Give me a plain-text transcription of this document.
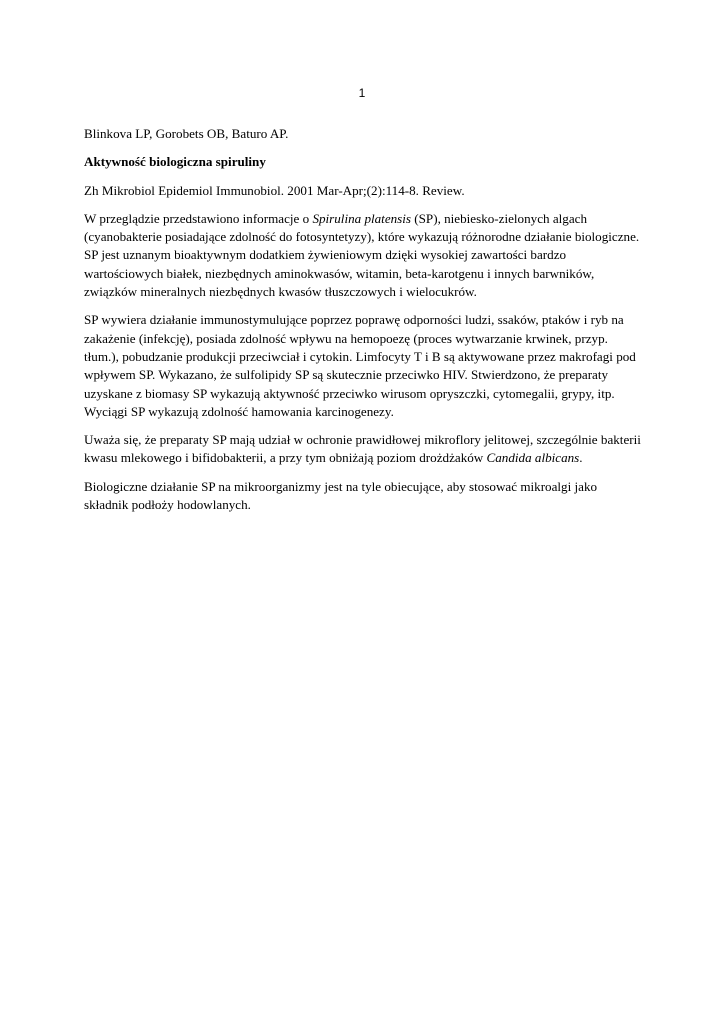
1

Blinkova LP, Gorobets OB, Baturo AP.

Aktywność biologiczna spiruliny

Zh Mikrobiol Epidemiol Immunobiol. 2001 Mar-Apr;(2):114-8. Review.

W przeglądzie przedstawiono informacje o Spirulina platensis (SP), niebiesko-zielonych algach (cyanobakterie posiadające zdolność do fotosyntetyzy), które wykazują różnorodne działanie biologiczne. SP jest uznanym bioaktywnym dodatkiem żywieniowym dzięki wysokiej zawartości bardzo wartościowych białek, niezbędnych aminokwasów, witamin, beta-karotgenu i innych barwników, związków mineralnych niezbędnych kwasów tłuszczowych i wielocukrów.

SP wywiera działanie immunostymulujące poprzez poprawę odporności ludzi, ssaków, ptaków i ryb na zakażenie (infekcję), posiada zdolność wpływu na hemopoezę (proces wytwarzanie krwinek, przyp. tłum.), pobudzanie produkcji przeciwciał i cytokin. Limfocyty T i B są aktywowane przez makrofagi pod wpływem SP. Wykazano, że sulfolipidy SP są skutecznie przeciwko HIV. Stwierdzono, że preparaty uzyskane z biomasy SP wykazują aktywność przeciwko wirusom opryszczki, cytomegalii, grypy, itp. Wyciągi SP wykazują zdolność hamowania karcinogenezy.

Uważa się, że preparaty SP mają udział w ochronie prawidłowej mikroflory jelitowej, szczególnie bakterii kwasu mlekowego i bifidobakterii, a przy tym obniżają poziom drożdżaków Candida albicans.

Biologiczne działanie SP na mikroorganizmy jest na tyle obiecujące, aby stosować mikroalgi jako składnik podłoży hodowlanych.
